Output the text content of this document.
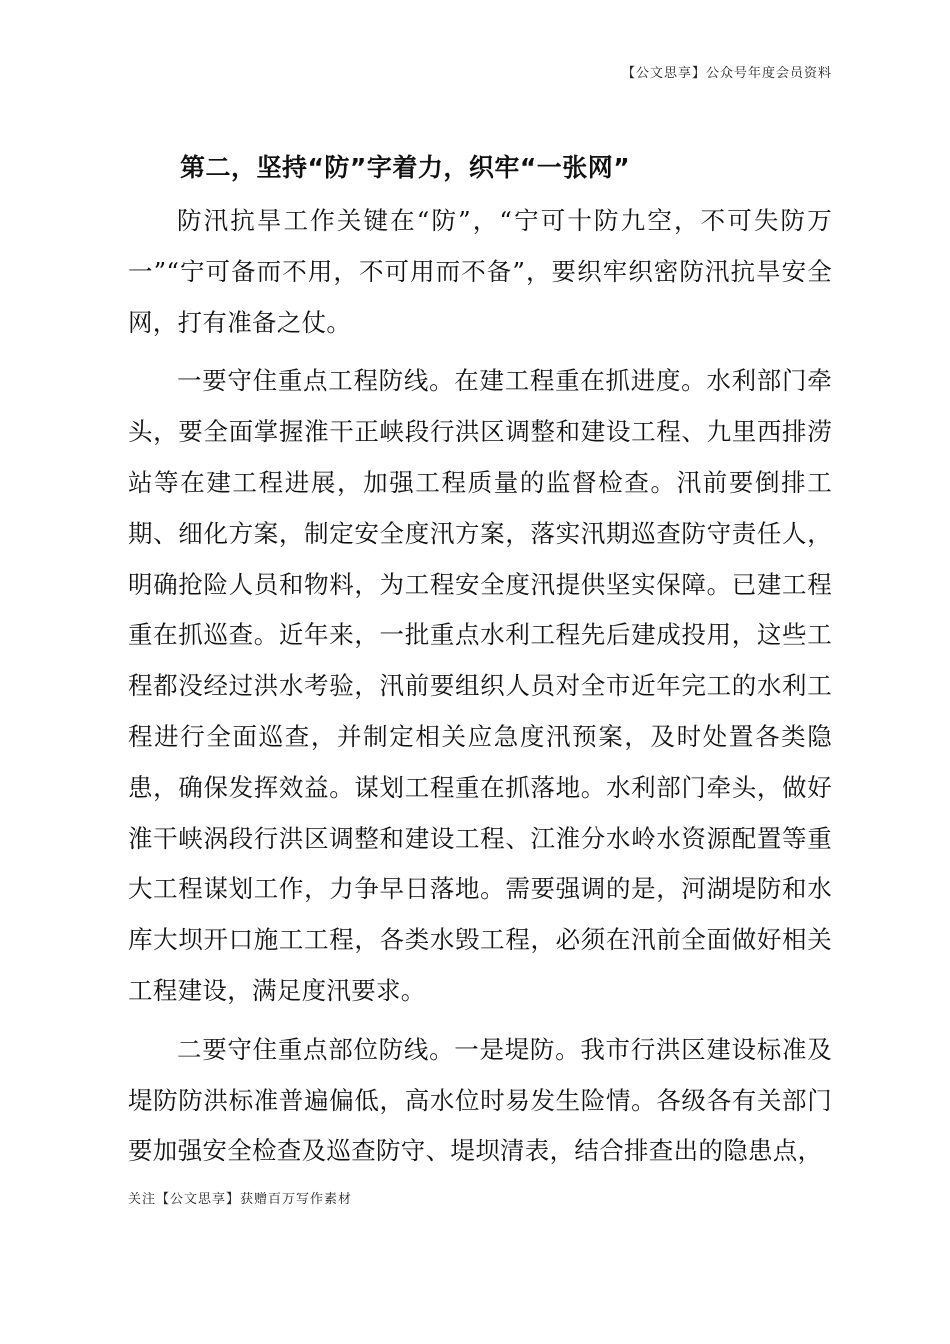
【公文思享】公众号年度会员资料
第二，坚持“防”字着力，织牢“一张网”

防汛抗旱工作关键在“防”，“宁可十防九空，不可失防万一”“宁可备而不用，不可用而不备”，要织牢织密防汛抗旱安全网，打有准备之仗。

一要守住重点工程防线。在建工程重在抓进度。水利部门牵头，要全面掌握淮干正峡段行洪区调整和建设工程、九里西排涝站等在建工程进展，加强工程质量的监督检查。汛前要倒排工期、细化方案，制定安全度汛方案，落实汛期巡查防守责任人，明确抢险人员和物料，为工程安全度汛提供坚实保障。已建工程重在抓巡查。近年来，一批重点水利工程先后建成投用，这些工程都没经过洪水考验，汛前要组织人员对全市近年完工的水利工程进行全面巡查，并制定相关应急度汛预案，及时处置各类隐患，确保发挥效益。谋划工程重在抓落地。水利部门牵头，做好淮干峡涡段行洪区调整和建设工程、江淮分水岭水资源配置等重大工程谋划工作，力争早日落地。需要强调的是，河湖堤防和水库大坝开口施工工程，各类水毁工程，必须在汛前全面做好相关工程建设，满足度汛要求。

二要守住重点部位防线。一是堤防。我市行洪区建设标准及堤防防洪标准普遍偏低，高水位时易发生险情。各级各有关部门要加强安全检查及巡查防守、堤坝清表，结合排查出的隐患点，

关注【公文思享】获赠百万写作素材
